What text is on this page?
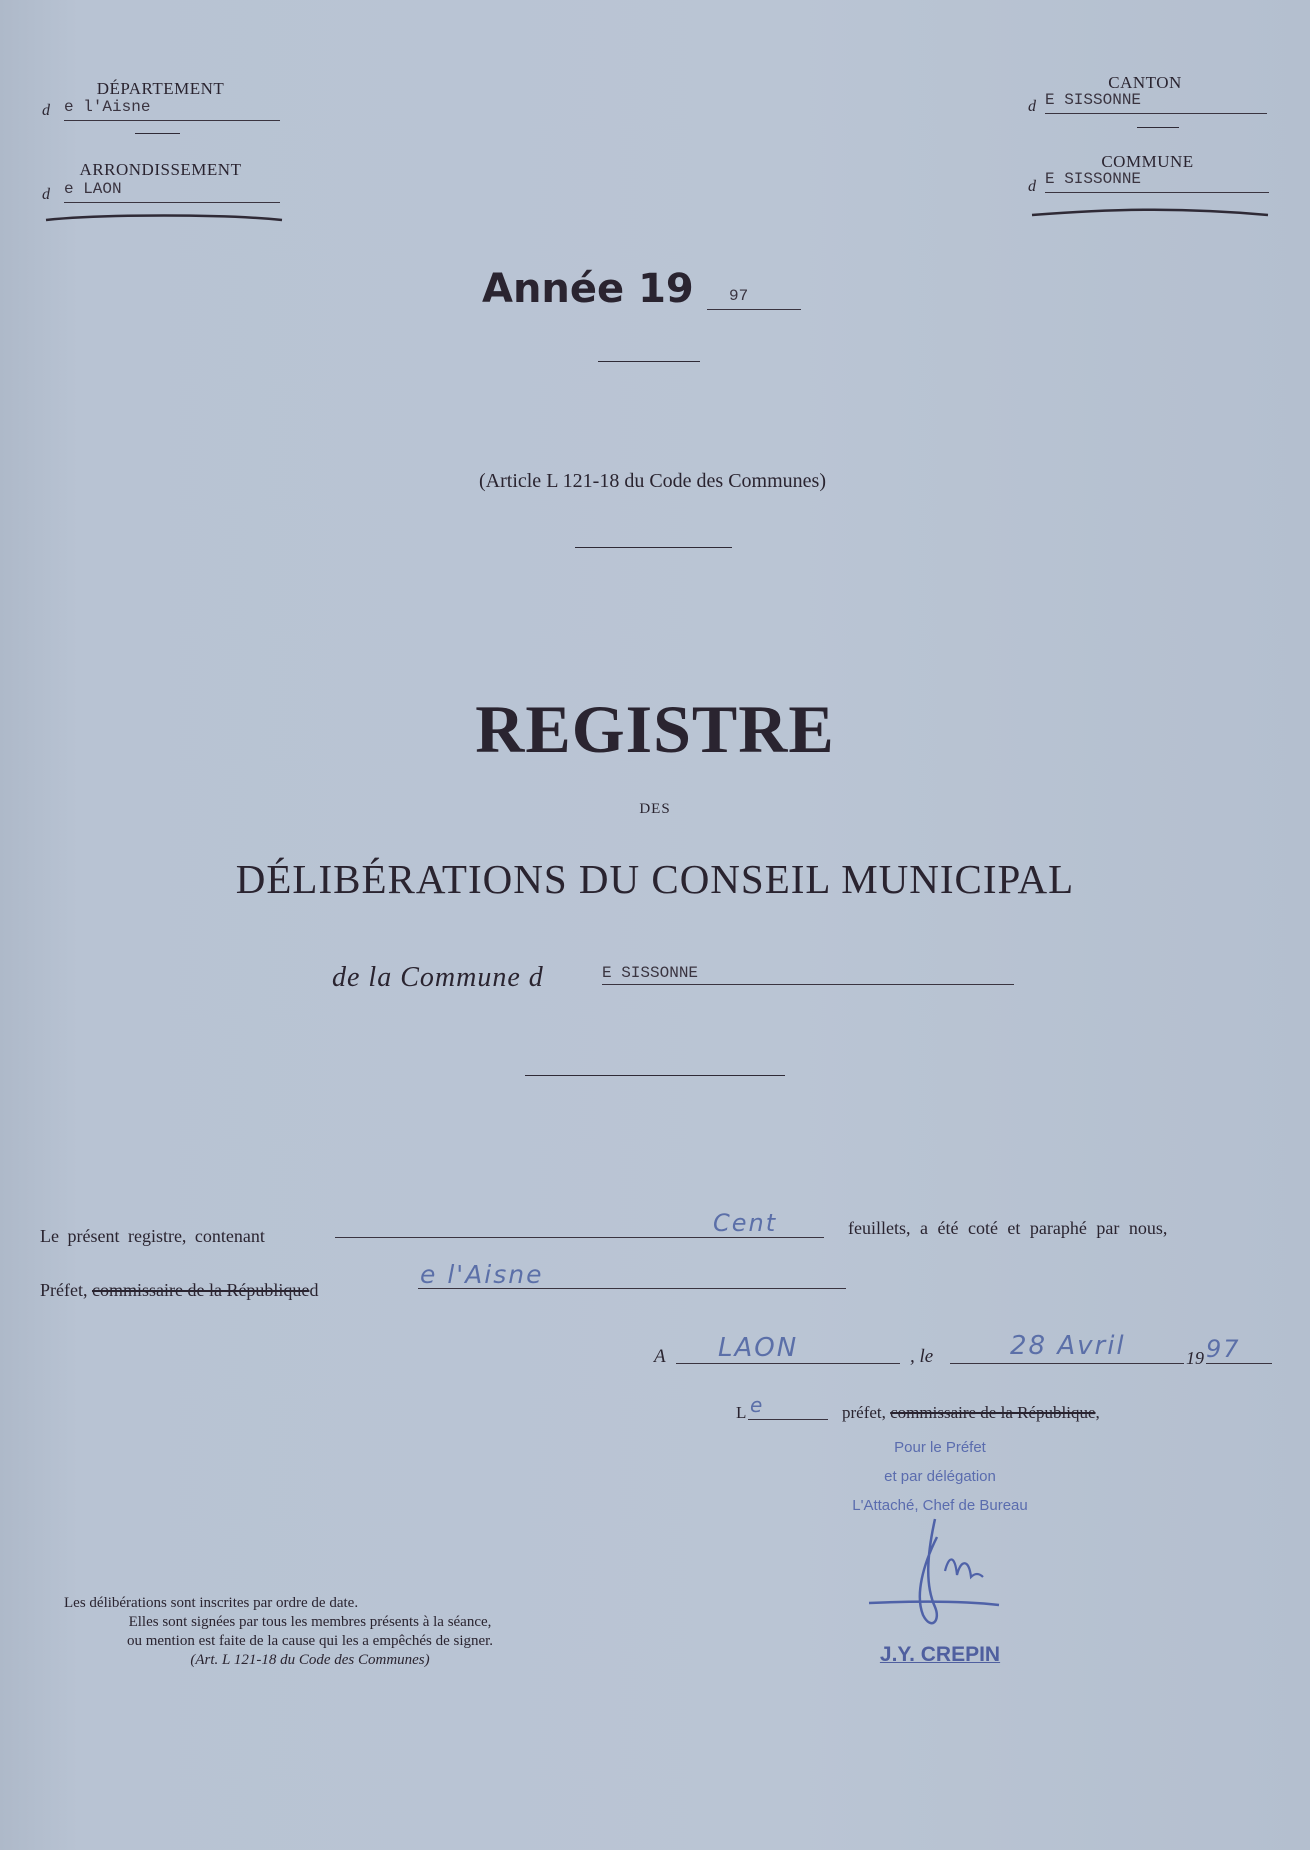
DÉPARTEMENT
d e l'Aisne
ARRONDISSEMENT
d e LAON
CANTON
d E SISSONNE
COMMUNE
d E SISSONNE
Année 19	97
(Article L 121-18 du Code des Communes)
REGISTRE
DES
DÉLIBÉRATIONS DU CONSEIL MUNICIPAL
de la Commune d	E SISSONNE
Le présent registre, contenant	Cent	feuillets, a été coté et paraphé par nous,
Préfet, commissaire de la Républiqued
e l'Aisne
A LAON	, le	28 Avril	19 97
L e	préfet, commissaire de la République,
Pour le Préfet
et par délégation
L'Attaché, Chef de Bureau
J.Y. CREPIN
Les délibérations sont inscrites par ordre de date.
Elles sont signées par tous les membres présents à la séance,
ou mention est faite de la cause qui les a empêchés de signer.
(Art. L 121-18 du Code des Communes)
